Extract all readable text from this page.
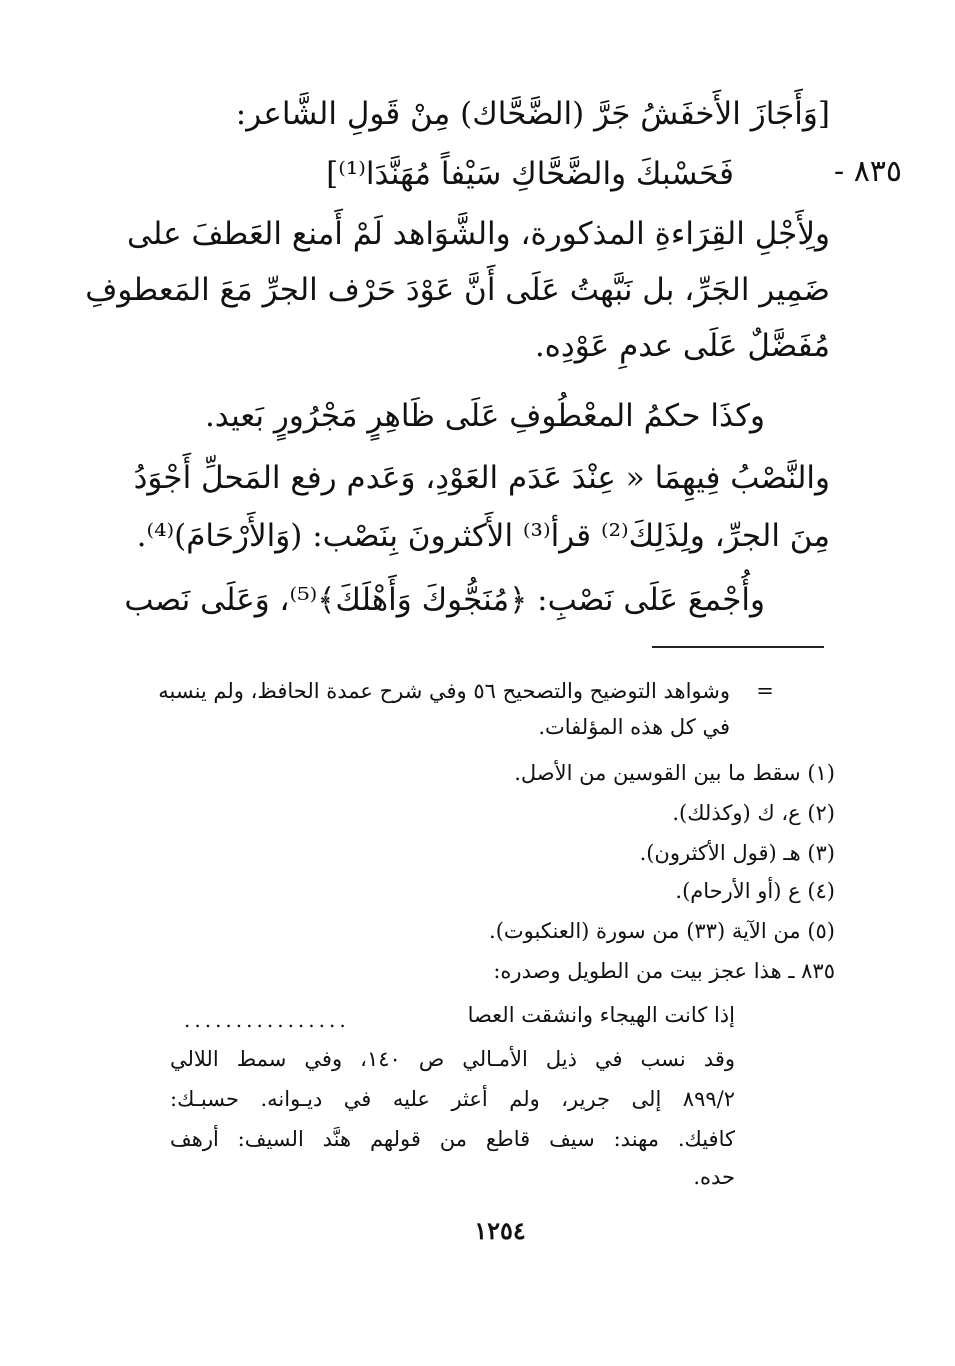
٨٣٥ -
[وَأَجَازَ الأَخفَشُ جَرَّ (الضَّحَّاك) مِنْ قَولِ الشَّاعر:
فَحَسْبكَ والضَّحَّاكِ سَيْفاً مُهَنَّدَا⁽¹⁾]
ولِأَجْلِ القِرَاءةِ المذكورة، والشَّوَاهد لَمْ أَمنع العَطفَ على
ضَمِير الجَرِّ، بل نَبَّهتُ عَلَى أَنَّ عَوْدَ حَرْف الجرِّ مَعَ المَعطوفِ
مُفَضَّلٌ عَلَى عدمِ عَوْدِه.
وكذَا حكمُ المعْطُوفِ عَلَى ظَاهِرٍ مَجْرُورٍ بَعيد.
والنَّصْبُ فِيهِمَا « عِنْدَ عَدَم العَوْدِ، وَعَدم رفع المَحلِّ أَجْوَدُ
مِنَ الجرِّ، ولِذَلِكَ⁽²⁾ قرأ⁽³⁾ الأَكثرونَ بِنَصْب: (وَالأَرْحَامَ)⁽⁴⁾.
وأُجْمعَ عَلَى نَصْبِ: ﴿مُنَجُّوكَ وَأَهْلَكَ﴾⁽⁵⁾، وَعَلَى نَصب
=
وشواهد التوضيح والتصحيح ٥٦ وفي شرح عمدة الحافظ، ولم ينسبه
في كل هذه المؤلفات.
(١) سقط ما بين القوسين من الأصل.
(٢) ع، ك (وكذلك).
(٣) هـ (قول الأكثرون).
(٤) ع (أو الأرحام).
(٥) من الآية (٣٣) من سورة (العنكبوت).
٨٣٥ ـ هذا عجز بيت من الطويل وصدره:
إذا كانت الهيجاء وانشقت العصا
................
وقد نسب في ذيل الأمـالي ص ١٤٠، وفي سمط اللالي
٨٩٩/٢ إلى جرير، ولم أعثر عليه في ديـوانه. حسبـك:
كافيك. مهند: سيف قاطع من قولهم هنَّد السيف: أرهف
حده.
١٢٥٤
